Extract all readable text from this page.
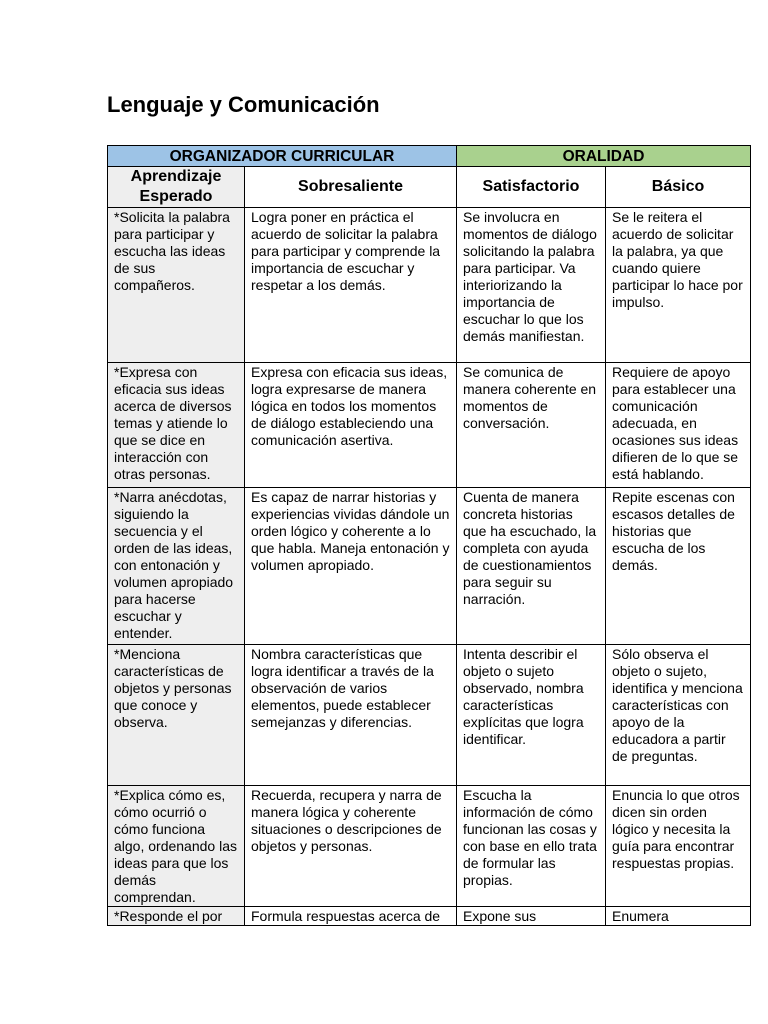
Lenguaje y Comunicación
ORGANIZADOR CURRICULAR		ORALIDAD	
Aprendizaje Esperado	Sobresaliente	Satisfactorio	Básico
*Solicita la palabra para participar y escucha las ideas de sus compañeros.	Logra poner en práctica el acuerdo de solicitar la palabra para participar y comprende la importancia de escuchar y respetar a los demás.	Se involucra en momentos de diálogo solicitando la palabra para participar. Va interiorizando la importancia de escuchar lo que los demás manifiestan.	Se le reitera el acuerdo de solicitar la palabra, ya que cuando quiere participar lo hace por impulso.
*Expresa con eficacia sus ideas acerca de diversos temas y atiende lo que se dice en interacción con otras personas.	Expresa con eficacia sus ideas, logra expresarse de manera lógica en todos los momentos de diálogo estableciendo una comunicación asertiva.	Se comunica de manera coherente en momentos de conversación.	Requiere de apoyo para establecer una comunicación adecuada, en ocasiones sus ideas difieren de lo que se está hablando.
*Narra anécdotas, siguiendo la secuencia y el orden de las ideas, con entonación y volumen apropiado para hacerse escuchar y entender.	Es capaz de narrar historias y experiencias vividas dándole un orden lógico y coherente a lo que habla. Maneja entonación y volumen apropiado.	Cuenta de manera concreta historias que ha escuchado, la completa con ayuda de cuestionamientos para seguir su narración.	Repite escenas con escasos detalles de historias que escucha de los demás.
*Menciona características de objetos y personas que conoce y observa.	Nombra características que logra identificar a través de la observación de varios elementos, puede establecer semejanzas y diferencias.	Intenta describir el objeto o sujeto observado, nombra características explícitas que logra identificar.	Sólo observa el objeto o sujeto, identifica y menciona características con apoyo de la educadora a partir de preguntas.
*Explica cómo es, cómo ocurrió o cómo funciona algo, ordenando las ideas para que los demás comprendan.	Recuerda, recupera y narra de manera lógica y coherente situaciones o descripciones de objetos y personas.	Escucha la información de cómo funcionan las cosas y con base en ello trata de formular las propias.	Enuncia lo que otros dicen sin orden lógico y necesita la guía para encontrar respuestas propias.
*Responde el por	Formula respuestas acerca de	Expone sus	Enumera
